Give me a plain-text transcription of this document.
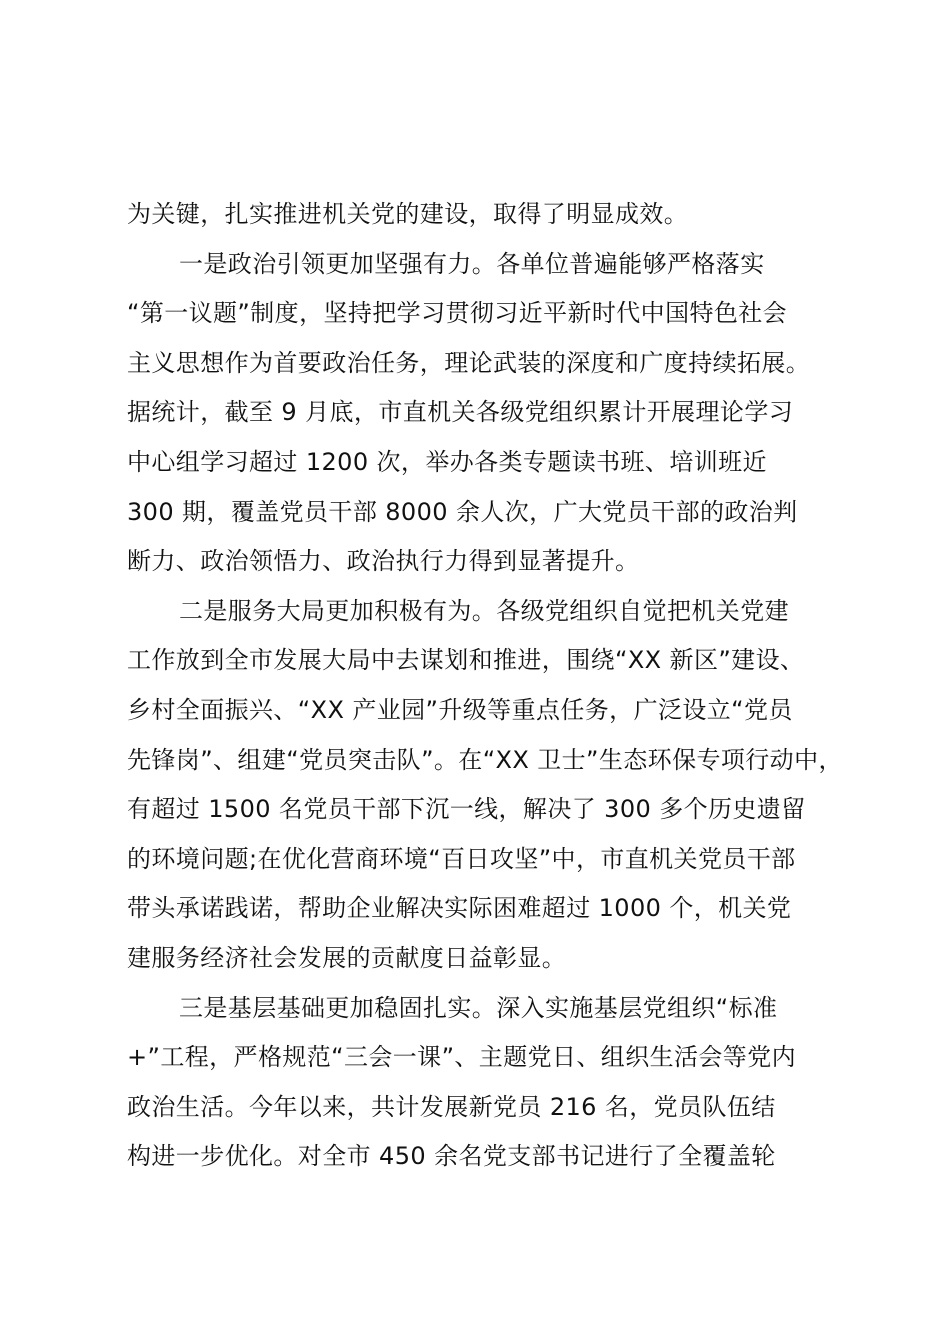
为关键，扎实推进机关党的建设，取得了明显成效。
一是政治引领更加坚强有力。各单位普遍能够严格落实
“第一议题”制度，坚持把学习贯彻习近平新时代中国特色社会
主义思想作为首要政治任务，理论武装的深度和广度持续拓展。
据统计，截至 9 月底，市直机关各级党组织累计开展理论学习
中心组学习超过 1200 次，举办各类专题读书班、培训班近
300 期，覆盖党员干部 8000 余人次，广大党员干部的政治判
断力、政治领悟力、政治执行力得到显著提升。
二是服务大局更加积极有为。各级党组织自觉把机关党建
工作放到全市发展大局中去谋划和推进，围绕“XX 新区”建设、
乡村全面振兴、“XX 产业园”升级等重点任务，广泛设立“党员
先锋岗”、组建“党员突击队”。在“XX 卫士”生态环保专项行动中，
有超过 1500 名党员干部下沉一线，解决了 300 多个历史遗留
的环境问题;在优化营商环境“百日攻坚”中，市直机关党员干部
带头承诺践诺，帮助企业解决实际困难超过 1000 个，机关党
建服务经济社会发展的贡献度日益彰显。
三是基层基础更加稳固扎实。深入实施基层党组织“标准
+”工程，严格规范“三会一课”、主题党日、组织生活会等党内
政治生活。今年以来，共计发展新党员 216 名，党员队伍结
构进一步优化。对全市 450 余名党支部书记进行了全覆盖轮
